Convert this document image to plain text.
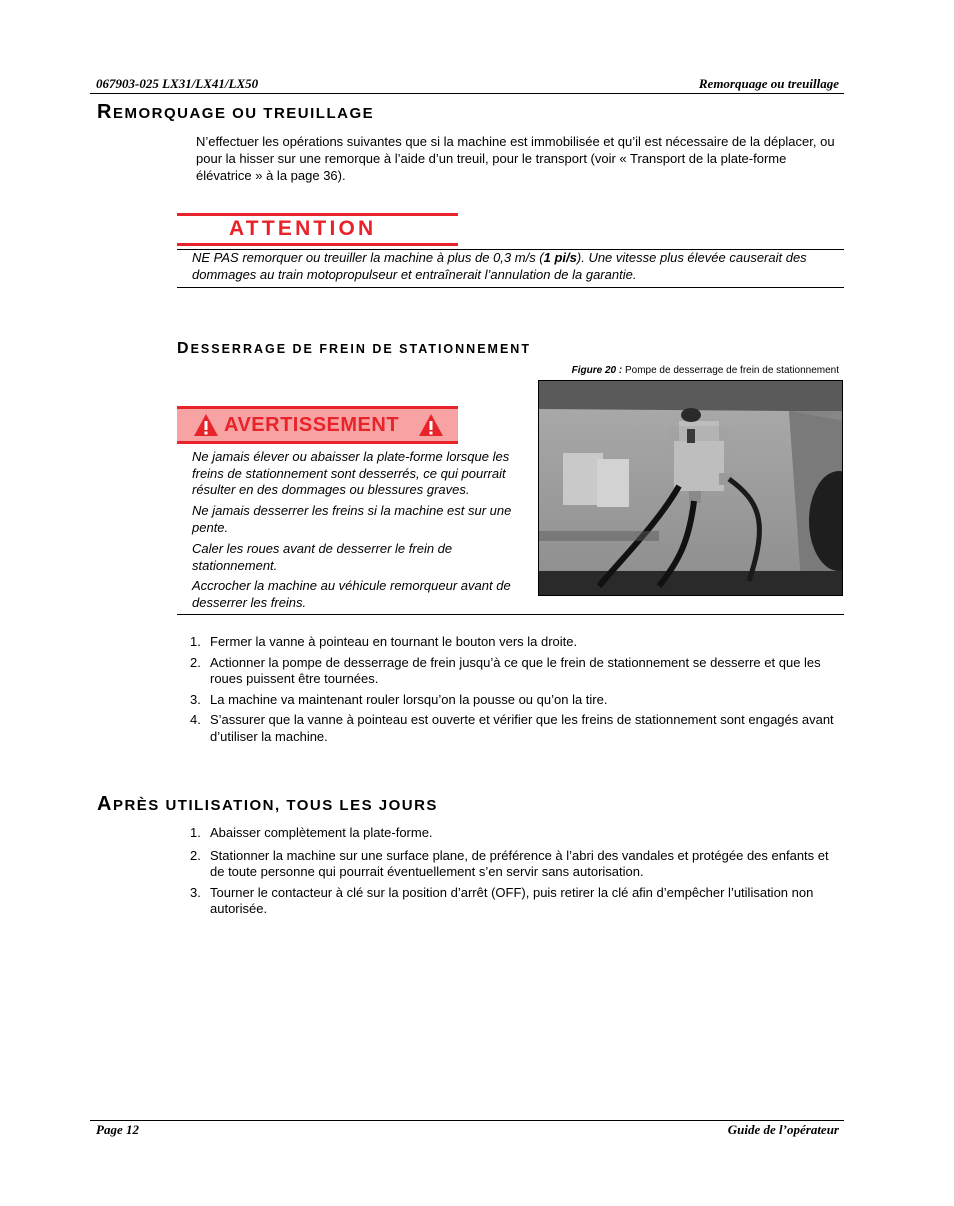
067903-025 LX31/LX41/LX50	Remorquage ou treuillage
REMORQUAGE OU TREUILLAGE
N’effectuer les opérations suivantes que si la machine est immobilisée et qu’il est nécessaire de la déplacer, ou pour la hisser sur une remorque à l’aide d’un treuil, pour le transport (voir « Transport de la plate-forme élévatrice » à la page 36).
ATTENTION
NE PAS remorquer ou treuiller la machine à plus de 0,3 m/s (1 pi/s). Une vitesse plus élevée causerait des dommages au train motopropulseur et entraînerait l’annulation de la garantie.
DESSERRAGE DE FREIN DE STATIONNEMENT
Figure 20 : Pompe de desserrage de frein de stationnement
AVERTISSEMENT
Ne jamais élever ou abaisser la plate-forme lorsque les freins de stationnement sont desserrés, ce qui pourrait résulter en des dommages ou blessures graves.
Ne jamais desserrer les freins si la machine est sur une pente.
Caler les roues avant de desserrer le frein de stationnement.
Accrocher la machine au véhicule remorqueur avant de desserrer les freins.
1. Fermer la vanne à pointeau en tournant le bouton vers la droite.
2. Actionner la pompe de desserrage de frein jusqu’à ce que le frein de stationnement se desserre et que les roues puissent être tournées.
3. La machine va maintenant rouler lorsqu’on la pousse ou qu’on la tire.
4. S’assurer que la vanne à pointeau est ouverte et vérifier que les freins de stationnement sont engagés avant d’utiliser la machine.
APRÈS UTILISATION, TOUS LES JOURS
1. Abaisser complètement la plate-forme.
2. Stationner la machine sur une surface plane, de préférence à l’abri des vandales et protégée des enfants et de toute personne qui pourrait éventuellement s’en servir sans autorisation.
3. Tourner le contacteur à clé sur la position d’arrêt (OFF), puis retirer la clé afin d’empêcher l’utilisation non autorisée.
Page 12	Guide de l’opérateur
